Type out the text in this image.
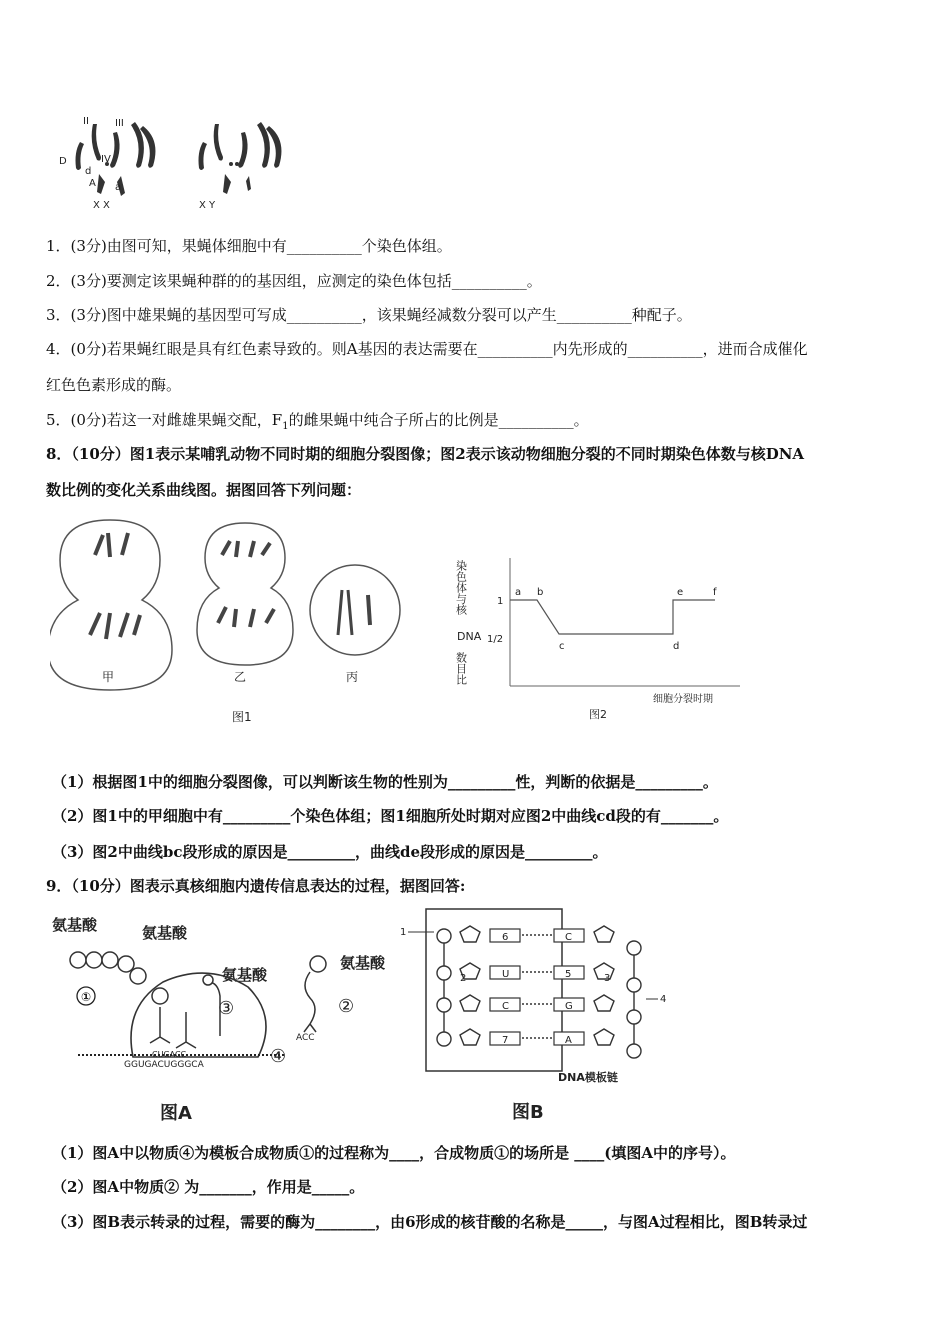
D
d
A a
II	III
IV
X X	X Y
1．(3分)由图可知，果蝇体细胞中有__________个染色体组。
2．(3分)要测定该果蝇种群的的基因组，应测定的染色体包括__________。
3．(3分)图中雄果蝇的基因型可写成__________，该果蝇经减数分裂可以产生__________种配子。
4．(0分)若果蝇红眼是具有红色素导致的。则A基因的表达需要在__________内先形成的__________，进而合成催化
红色色素形成的酶。
5．(0分)若这一对雌雄果蝇交配，$F_1$的雌果蝇中纯合子所占的比例是__________。
8．（10分）图1表示某哺乳动物不同时期的细胞分裂图像；图2表示该动物细胞分裂的不同时期染色体数与核DNA
数比例的变化关系曲线图。据图回答下列问题：
甲	乙	丙
图1
染色体与核
DNA
数目比
1
1/2
a b
c	d
e	f
细胞分裂时期
图2
（1）根据图1中的细胞分裂图像，可以判断该生物的性别为_________性，判断的依据是_________。
（2）图1中的甲细胞中有_________个染色体组；图1细胞所处时期对应图2中曲线cd段的有_______。
（3）图2中曲线bc段形成的原因是_________，曲线de段形成的原因是_________。
9．（10分）图表示真核细胞内遗传信息表达的过程，据图回答:
氨基酸	氨基酸
氨基酸
氨基酸
ACC
①	②
③
CUGACC
GGUGACUGGGCA	④
图A
1	6	C
U	5
C	G
7	A
2	3
4
DNA模板链
图B
（1）图A中以物质④为模板合成物质①的过程称为____，合成物质①的场所是 ____(填图A中的序号）。
（2）图A中物质② 为_______，作用是_____。
（3）图B表示转录的过程，需要的酶为________，由6形成的核苷酸的名称是_____，与图A过程相比，图B转录过
